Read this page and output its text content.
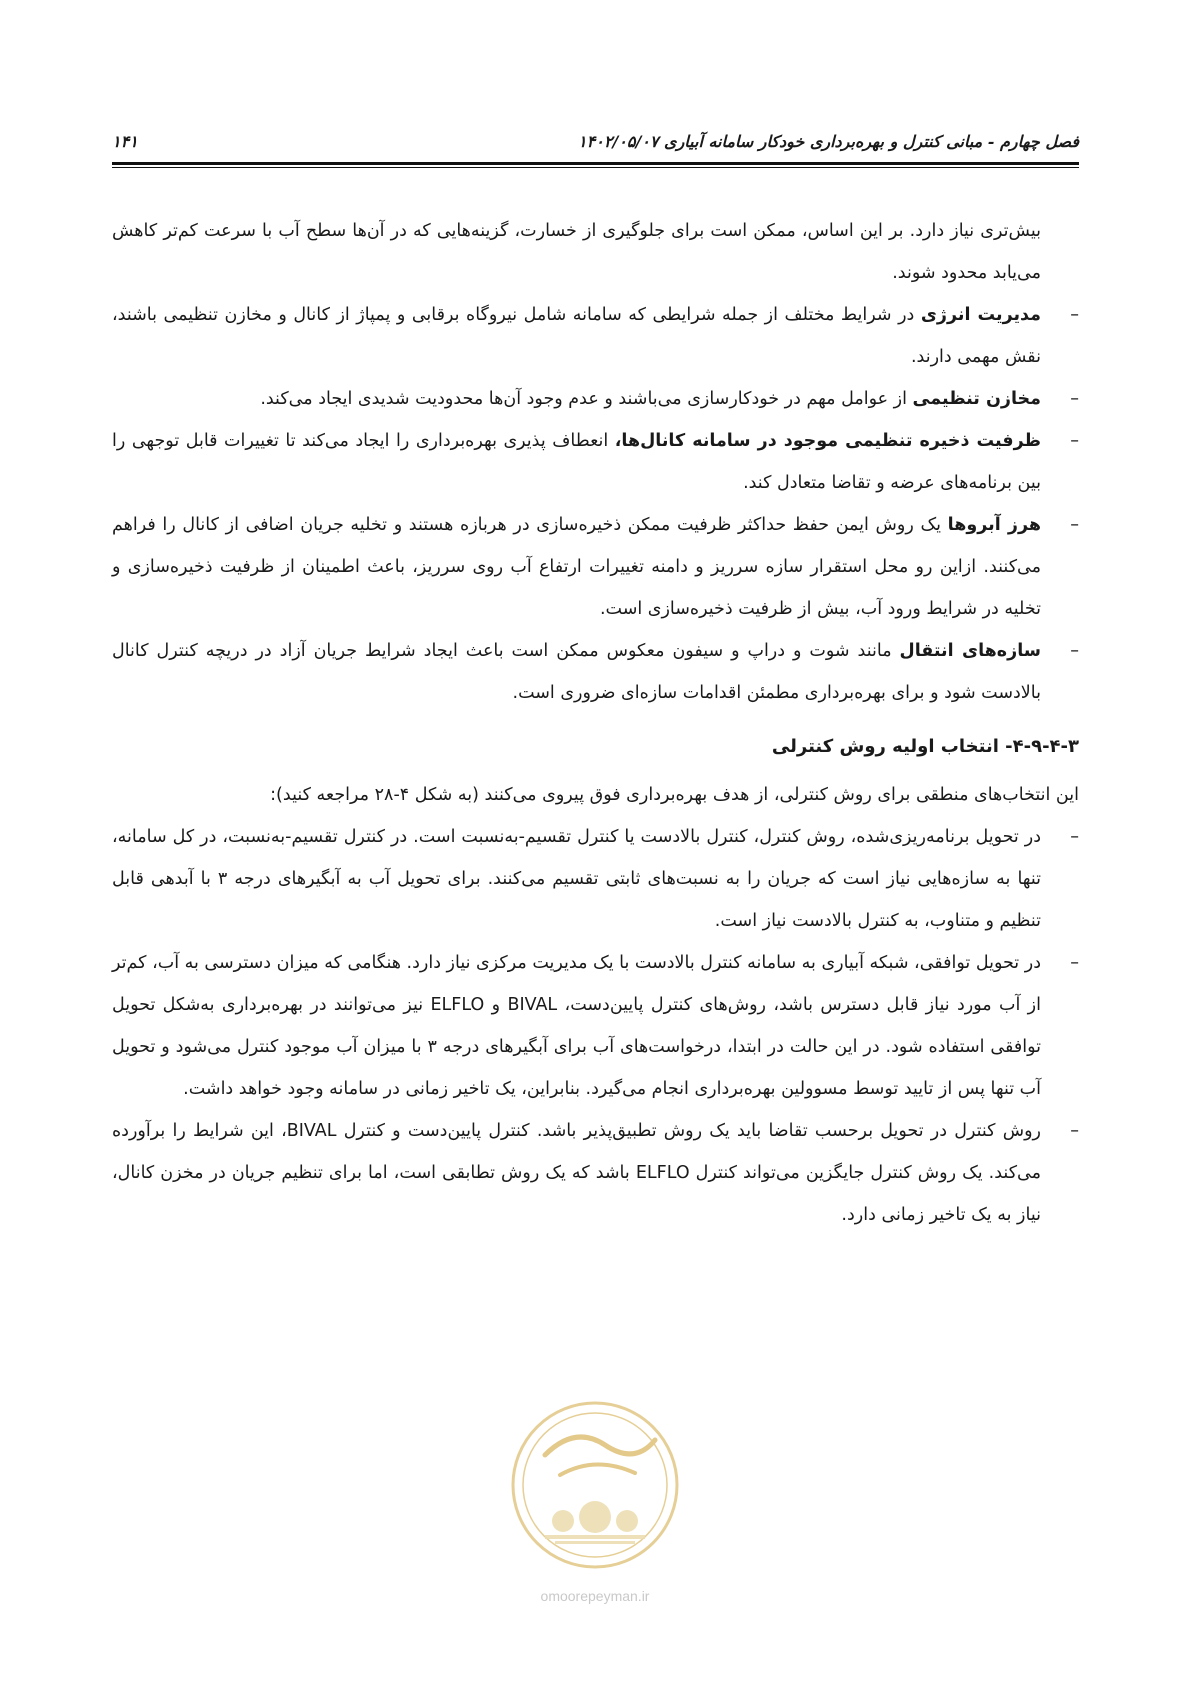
فصل چهارم - مبانی کنترل و بهره‌برداری خودکار سامانه آبیاری ۱۴۰۲/۰۵/۰۷
۱۴۱

بیش‌تری نیاز دارد. بر این اساس، ممکن است برای جلوگیری از خسارت، گزینه‌هایی که در آن‌ها سطح آب با سرعت کم‌تر کاهش می‌یابد محدود شوند.

–
مدیریت انرژی در شرایط مختلف از جمله شرایطی که سامانه شامل نیروگاه برقابی و پمپاژ از کانال و مخازن تنظیمی باشند، نقش مهمی دارند.

–
مخازن تنظیمی از عوامل مهم در خودکارسازی می‌باشند و عدم وجود آن‌ها محدودیت شدیدی ایجاد می‌کند.

–
ظرفیت ذخیره تنظیمی موجود در سامانه کانال‌ها، انعطاف پذیری بهره‌برداری را ایجاد می‌کند تا تغییرات قابل توجهی را بین برنامه‌های عرضه و تقاضا متعادل کند.

–
هرز آبروها یک روش ایمن حفظ حداکثر ظرفیت ممکن ذخیره‌سازی در هربازه هستند و تخلیه جریان اضافی از کانال را فراهم می‌کنند. ازاین رو محل استقرار سازه سرریز و دامنه تغییرات ارتفاع آب روی سرریز، باعث اطمینان از ظرفیت ذخیره‌سازی و تخلیه در شرایط ورود آب، بیش از ظرفیت ذخیره‌سازی است.

–
سازه‌های انتقال مانند شوت و دراپ و سیفون معکوس ممکن است باعث ایجاد شرایط جریان آزاد در دریچه کنترل کانال بالادست شود و برای بهره‌برداری مطمئن اقدامات سازه‌ای ضروری است.

۴-۹-۴-۳- انتخاب اولیه روش کنترلی

این انتخاب‌های منطقی برای روش کنترلی، از هدف بهره‌برداری فوق پیروی می‌کنند (به شکل ۴-۲۸ مراجعه کنید):

–
در تحویل برنامه‌ریزی‌شده، روش کنترل، کنترل بالادست یا کنترل تقسیم-به‌نسبت است. در کنترل تقسیم-به‌نسبت، در کل سامانه، تنها به سازه‌هایی نیاز است که جریان را به نسبت‌های ثابتی تقسیم می‌کنند. برای تحویل آب به آبگیرهای درجه ۳ با آبدهی قابل تنظیم و متناوب، به کنترل بالادست نیاز است.

–
در تحویل توافقی، شبکه آبیاری به سامانه کنترل بالادست با یک مدیریت مرکزی نیاز دارد. هنگامی که میزان دسترسی به آب، کم‌تر از آب مورد نیاز قابل دسترس باشد، روش‌های کنترل پایین‌دست، BIVAL و ELFLO نیز می‌توانند در بهره‌برداری به‌شکل تحویل توافقی استفاده شود. در این حالت در ابتدا، درخواست‌های آب برای آبگیرهای درجه ۳ با میزان آب موجود کنترل می‌شود و تحویل آب تنها پس از تایید توسط مسوولین بهره‌برداری انجام می‌گیرد. بنابراین، یک تاخیر زمانی در سامانه وجود خواهد داشت.

–
روش کنترل در تحویل برحسب تقاضا باید یک روش تطبیق‌پذیر باشد. کنترل پایین‌دست و کنترل BIVAL، این شرایط را برآورده می‌کند. یک روش کنترل جایگزین می‌تواند کنترل ELFLO باشد که یک روش تطابقی است، اما برای تنظیم جریان در مخزن کانال، نیاز به یک تاخیر زمانی دارد.

omoorepeyman.ir
